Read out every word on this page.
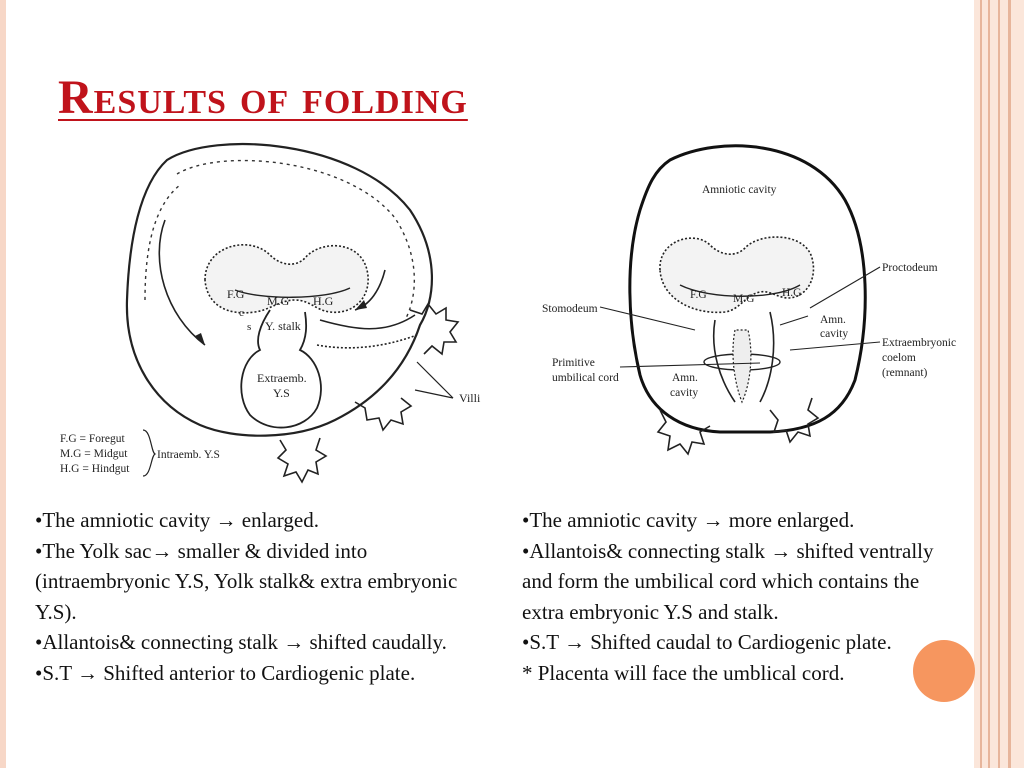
Results of folding
F.G M.G H.G
c
s Y. stalk
Extraemb.
Y.S	Villi
F.G = Foregut
M.G = Midgut
H.G = Hindgut
Intraemb. Y.S
Amniotic cavity
Proctodeum
Stomodeum
F.G M.G H.G
Amn.
cavity
Extraembryonic
coelom
(remnant)
Primitive
umbilical cord	Amn.
cavity

•The amniotic cavity → enlarged.

•The Yolk sac→ smaller & divided into (intraembryonic Y.S, Yolk stalk& extra embryonic Y.S).

•Allantois& connecting stalk → shifted caudally.

•S.T → Shifted anterior to Cardiogenic plate.

•The amniotic cavity → more enlarged.

•Allantois& connecting stalk → shifted ventrally and form the umbilical cord which contains the extra embryonic Y.S and stalk.

•S.T → Shifted caudal to Cardiogenic plate.

* Placenta will face the umblical cord.
